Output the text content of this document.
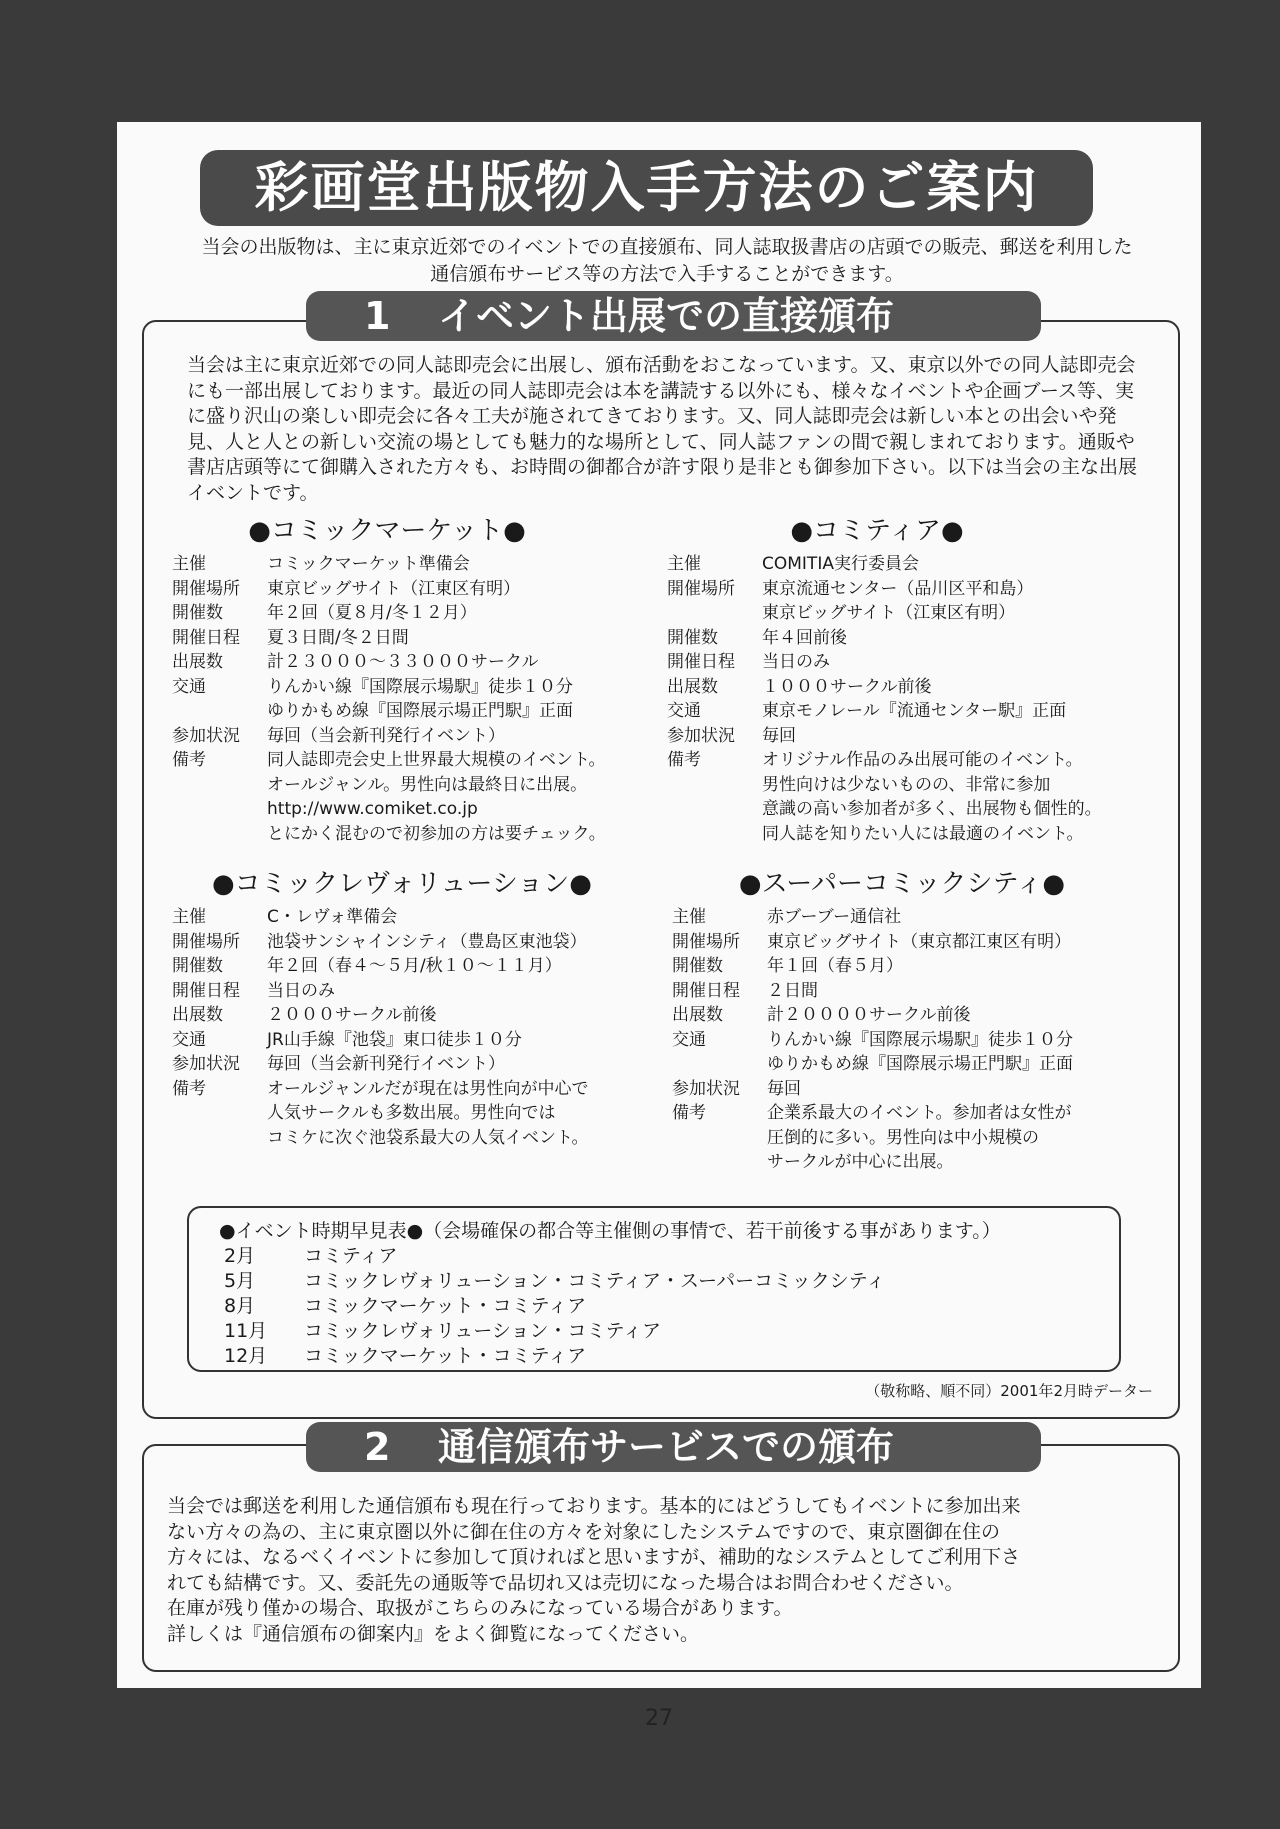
彩画堂出版物入手方法のご案内

当会の出版物は、主に東京近郊でのイベントでの直接頒布、同人誌取扱書店の店頭での販売、郵送を利用した通信頒布サービス等の方法で入手することができます。

1 イベント出展での直接頒布

当会は主に東京近郊での同人誌即売会に出展し、頒布活動をおこなっています。又、東京以外での同人誌即売会にも一部出展しております。最近の同人誌即売会は本を講読する以外にも、様々なイベントや企画ブース等、実に盛り沢山の楽しい即売会に各々工夫が施されてきております。又、同人誌即売会は新しい本との出会いや発見、人と人との新しい交流の場としても魅力的な場所として、同人誌ファンの間で親しまれております。通販や書店店頭等にて御購入された方々も、お時間の御都合が許す限り是非とも御参加下さい。以下は当会の主な出展イベントです。

●コミックマーケット●
主催	コミックマーケット準備会
開催場所	東京ビッグサイト（江東区有明）
開催数	年２回（夏８月/冬１２月）
開催日程	夏３日間/冬２日間
出展数	計２３０００～３３０００サークル
交通	りんかい線『国際展示場駅』徒歩１０分
ゆりかもめ線『国際展示場正門駅』正面
参加状況	毎回（当会新刊発行イベント）
備考	同人誌即売会史上世界最大規模のイベント。
オールジャンル。男性向は最終日に出展。
http://www.comiket.co.jp
とにかく混むので初参加の方は要チェック。
●コミティア●
主催	COMITIA実行委員会
開催場所	東京流通センター（品川区平和島）
東京ビッグサイト（江東区有明）
開催数	年４回前後
開催日程	当日のみ
出展数	１０００サークル前後
交通	東京モノレール『流通センター駅』正面
参加状況	毎回
備考	オリジナル作品のみ出展可能のイベント。
男性向けは少ないものの、非常に参加
意識の高い参加者が多く、出展物も個性的。
同人誌を知りたい人には最適のイベント。
●コミックレヴォリューション●
主催	C・レヴォ準備会
開催場所	池袋サンシャインシティ（豊島区東池袋）
開催数	年２回（春４～５月/秋１０～１１月）
開催日程	当日のみ
出展数	２０００サークル前後
交通	JR山手線『池袋』東口徒歩１０分
参加状況	毎回（当会新刊発行イベント）
備考	オールジャンルだが現在は男性向が中心で
人気サークルも多数出展。男性向では
コミケに次ぐ池袋系最大の人気イベント。
●スーパーコミックシティ●
主催	赤ブーブー通信社
開催場所	東京ビッグサイト（東京都江東区有明）
開催数	年１回（春５月）
開催日程	２日間
出展数	計２００００サークル前後
交通	りんかい線『国際展示場駅』徒歩１０分
ゆりかもめ線『国際展示場正門駅』正面
参加状況	毎回
備考	企業系最大のイベント。参加者は女性が
圧倒的に多い。男性向は中小規模の
サークルが中心に出展。
●イベント時期早見表●（会場確保の都合等主催側の事情で、若干前後する事があります。）
2月	コミティア
5月	コミックレヴォリューション・コミティア・スーパーコミックシティ
8月	コミックマーケット・コミティア
11月	コミックレヴォリューション・コミティア
12月	コミックマーケット・コミティア
（敬称略、順不同）2001年2月時データー
2 通信頒布サービスでの頒布
当会では郵送を利用した通信頒布も現在行っております。基本的にはどうしてもイベントに参加出来
ない方々の為の、主に東京圏以外に御在住の方々を対象にしたシステムですので、東京圏御在住の
方々には、なるべくイベントに参加して頂ければと思いますが、補助的なシステムとしてご利用下さ
れても結構です。又、委託先の通販等で品切れ又は売切になった場合はお問合わせください。
在庫が残り僅かの場合、取扱がこちらのみになっている場合があります。
詳しくは『通信頒布の御案内』をよく御覧になってください。
27
